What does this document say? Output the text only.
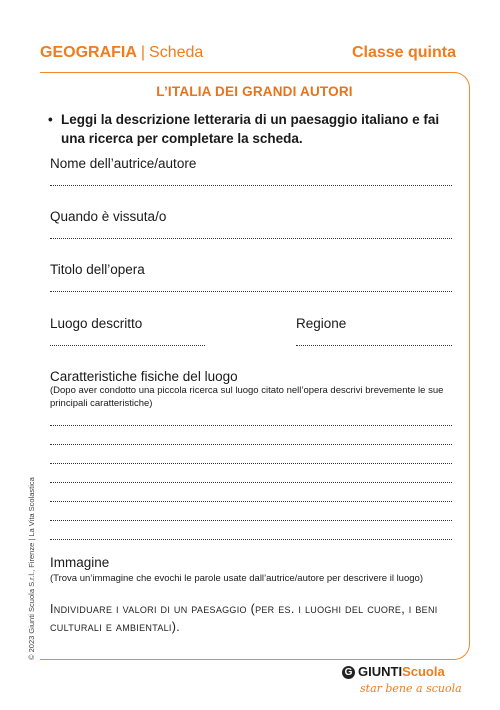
GEOGRAFIA | Scheda	Classe quinta
L’ITALIA DEI GRANDI AUTORI
• Leggi la descrizione letteraria di un paesaggio italiano e fai una ricerca per completare la scheda.
Nome dell’autrice/autore
Quando è vissuta/o
Titolo dell’opera
Luogo descritto	Regione
Caratteristiche fisiche del luogo
(Dopo aver condotto una piccola ricerca sul luogo citato nell’opera descrivi brevemente le sue principali caratteristiche)
Immagine
(Trova un’immagine che evochi le parole usate dall’autrice/autore per descrivere il luogo)
Individuare i valori di un paesaggio (per es. i luoghi del cuore, i beni culturali e ambientali).
© 2023 Giunti Scuola S.r.l., Firenze | La Vita Scolastica
G GIUNTIScuola
star bene a scuola
